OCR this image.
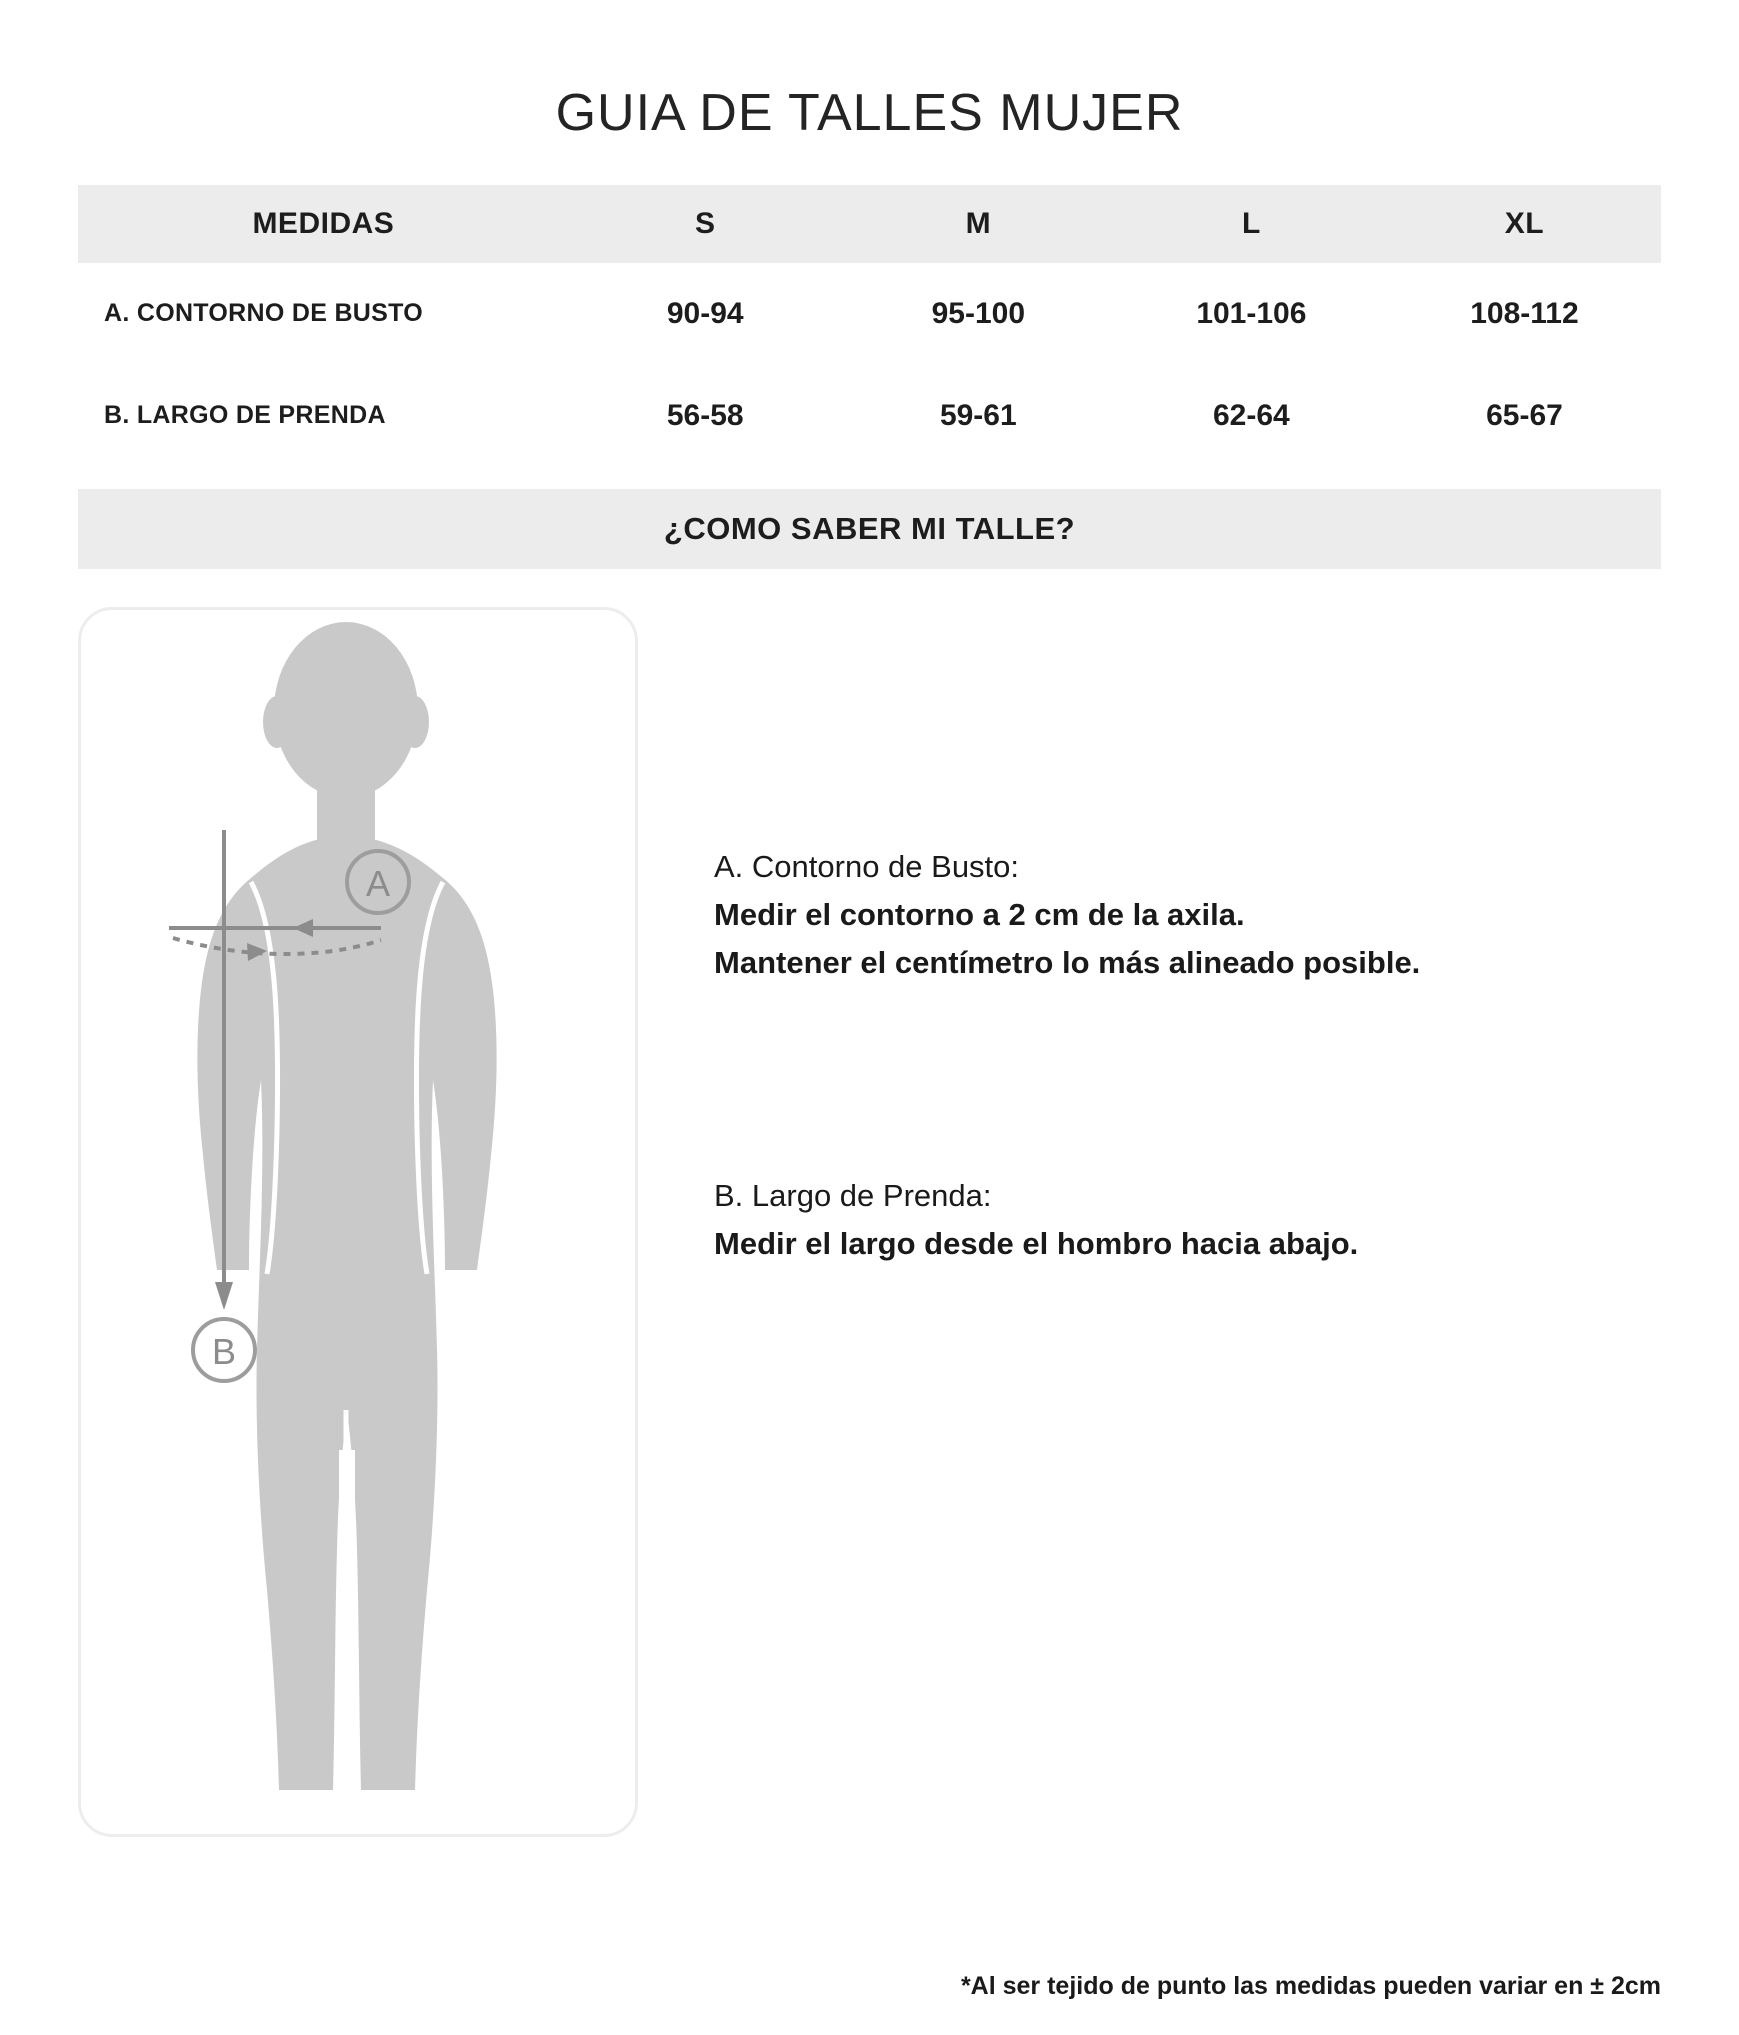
GUIA DE TALLES MUJER
MEDIDAS	S	M	L	XL
A. CONTORNO DE BUSTO	90-94	95-100	101-106	108-112
B. LARGO DE PRENDA	56-58	59-61	62-64	65-67
¿COMO SABER MI TALLE?
A
B
A. Contorno de Busto:
Medir el contorno a 2 cm de la axila.
Mantener el centímetro lo más alineado posible.
B. Largo de Prenda:
Medir el largo desde el hombro hacia abajo.
*Al ser tejido de punto las medidas pueden variar en ± 2cm
